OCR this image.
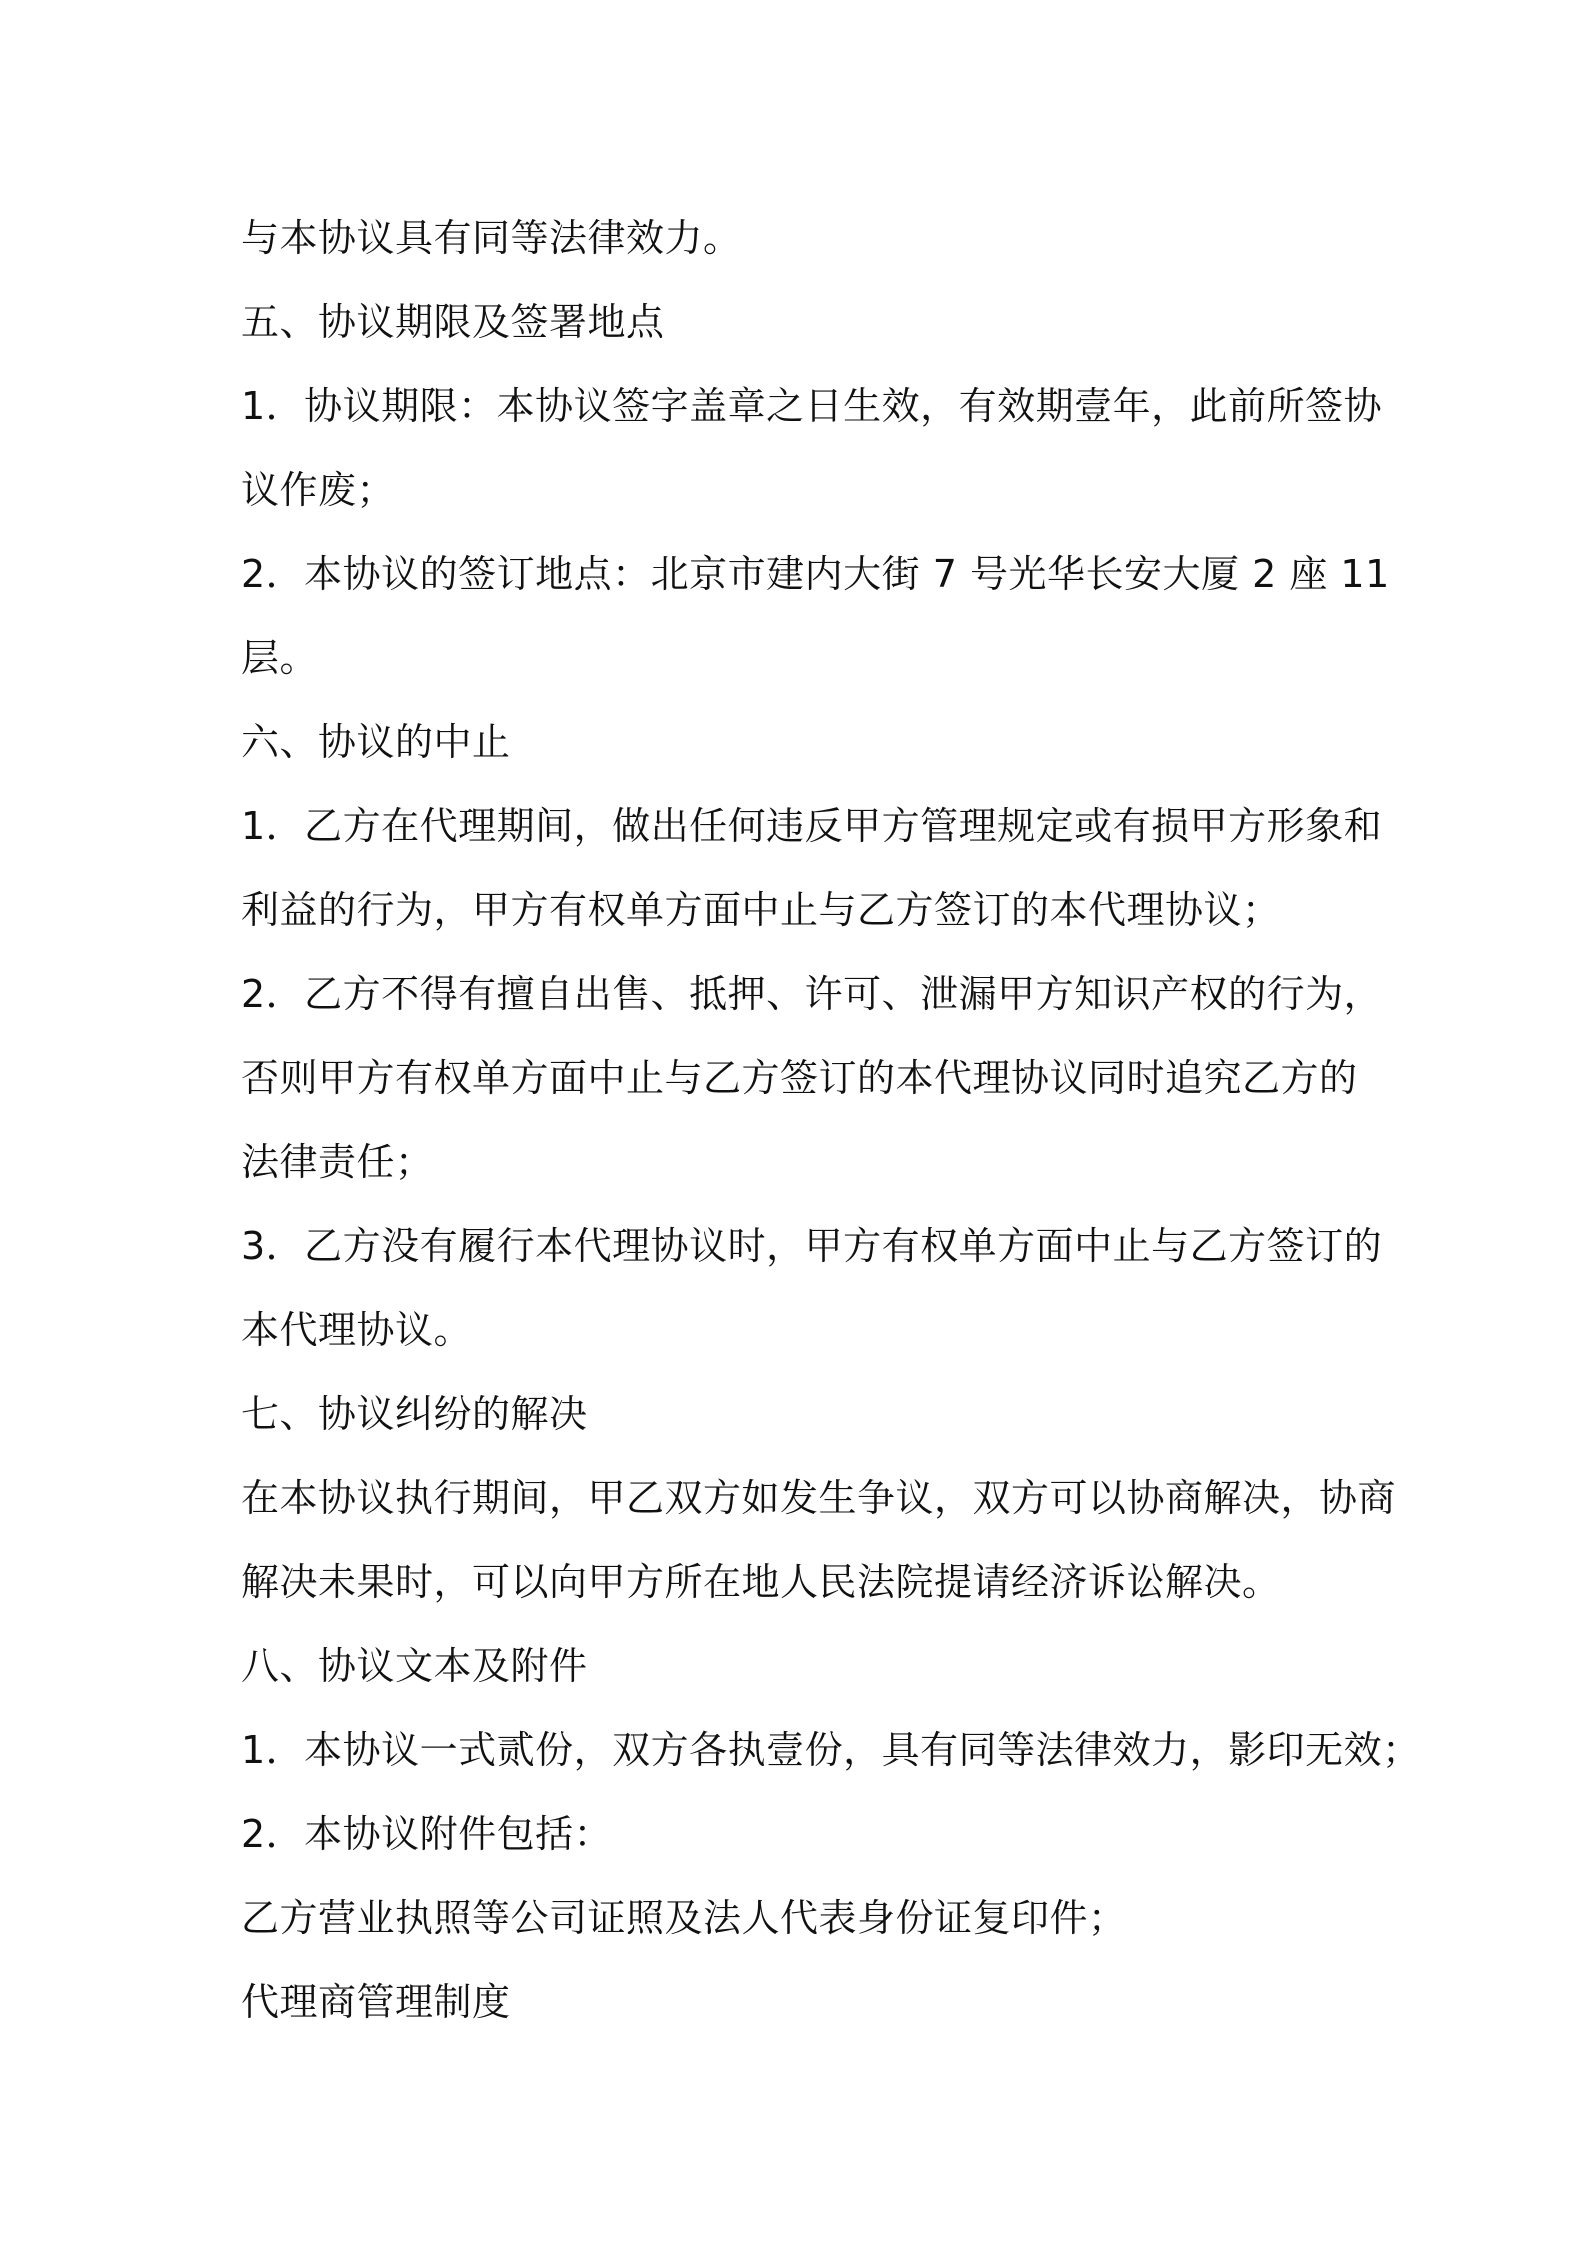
与本协议具有同等法律效力。
五、协议期限及签署地点
1．协议期限：本协议签字盖章之日生效，有效期壹年，此前所签协
议作废；
2．本协议的签订地点：北京市建内大街 7 号光华长安大厦 2 座 11
层。
六、协议的中止
1．乙方在代理期间，做出任何违反甲方管理规定或有损甲方形象和
利益的行为，甲方有权单方面中止与乙方签订的本代理协议；
2．乙方不得有擅自出售、抵押、许可、泄漏甲方知识产权的行为，
否则甲方有权单方面中止与乙方签订的本代理协议同时追究乙方的
法律责任；
3．乙方没有履行本代理协议时，甲方有权单方面中止与乙方签订的
本代理协议。
七、协议纠纷的解决
在本协议执行期间，甲乙双方如发生争议，双方可以协商解决，协商
解决未果时，可以向甲方所在地人民法院提请经济诉讼解决。
八、协议文本及附件
1．本协议一式贰份，双方各执壹份，具有同等法律效力，影印无效；
2．本协议附件包括：
乙方营业执照等公司证照及法人代表身份证复印件；
代理商管理制度
